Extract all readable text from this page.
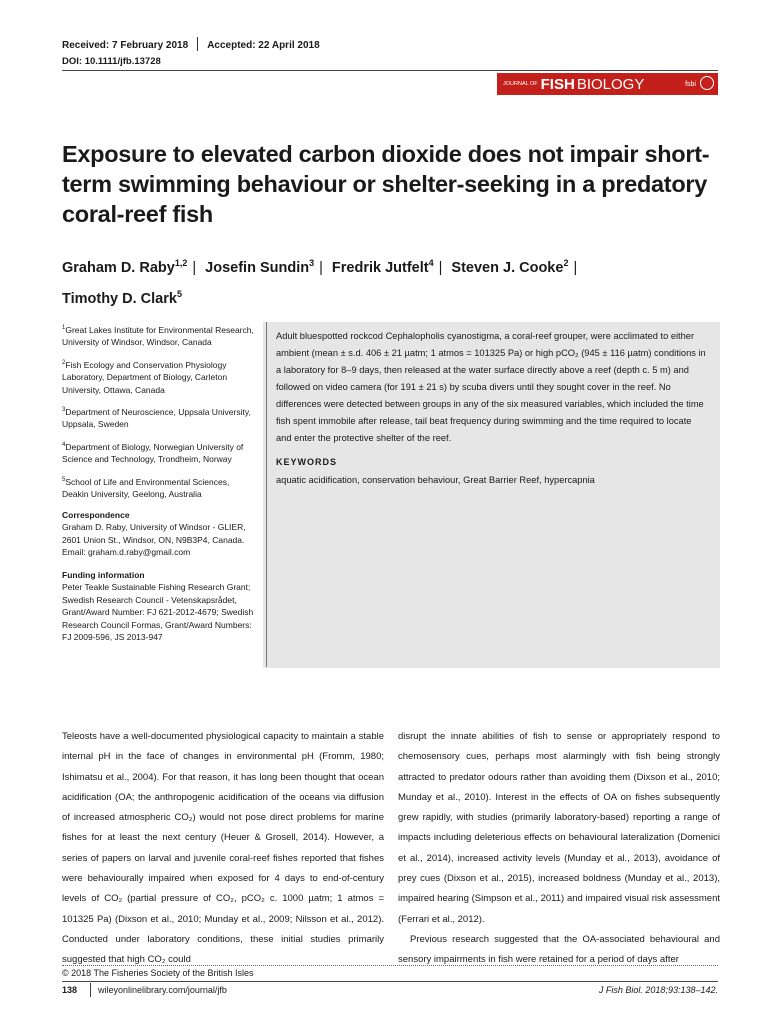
Received: 7 February 2018 Accepted: 22 April 2018
DOI: 10.1111/jfb.13728
JOURNAL OF FISH BIOLOGY	fsbi
Exposure to elevated carbon dioxide does not impair short-term swimming behaviour or shelter-seeking in a predatory coral-reef fish
Graham D. Raby$^{1,2}$ | Josefin Sundin$^3$ | Fredrik Jutfelt$^4$ | Steven J. Cooke$^2$ |
Timothy D. Clark$^5$

$^1$Great Lakes Institute for Environmental Research, University of Windsor, Windsor, Canada

$^2$Fish Ecology and Conservation Physiology Laboratory, Department of Biology, Carleton University, Ottawa, Canada

$^3$Department of Neuroscience, Uppsala University, Uppsala, Sweden

$^4$Department of Biology, Norwegian University of Science and Technology, Trondheim, Norway

$^5$School of Life and Environmental Sciences, Deakin University, Geelong, Australia

Correspondence
Graham D. Raby, University of Windsor - GLIER, 2601 Union St., Windsor, ON, N9B3P4, Canada.
Email: graham.d.raby@gmail.com

Funding information
Peter Teakle Sustainable Fishing Research Grant; Swedish Research Council - Vetenskapsrådet, Grant/Award Number: FJ 621-2012-4679; Swedish Research Council Formas, Grant/Award Numbers: FJ 2009-596, JS 2013-947

Adult bluespotted rockcod Cephalopholis cyanostigma, a coral-reef grouper, were acclimated to either ambient (mean ± s.d. 406 ± 21 µatm; 1 atmos = 101325 Pa) or high pCO₂ (945 ± 116 µatm) conditions in a laboratory for 8–9 days, then released at the water surface directly above a reef (depth c. 5 m) and followed on video camera (for 191 ± 21 s) by scuba divers until they sought cover in the reef. No differences were detected between groups in any of the six measured variables, which included the time fish spent immobile after release, tail beat frequency during swimming and the time required to locate and enter the protective shelter of the reef.
KEYWORDS
aquatic acidification, conservation behaviour, Great Barrier Reef, hypercapnia

Teleosts have a well-documented physiological capacity to maintain a stable internal pH in the face of changes in environmental pH (Fromm, 1980; Ishimatsu et al., 2004). For that reason, it has long been thought that ocean acidification (OA; the anthropogenic acidification of the oceans via diffusion of increased atmospheric CO₂) would not pose direct problems for marine fishes for at least the next century (Heuer & Grosell, 2014). However, a series of papers on larval and juvenile coral-reef fishes reported that fishes were behaviourally impaired when exposed for 4 days to end-of-century levels of CO₂ (partial pressure of CO₂, pCO₂ c. 1000 µatm; 1 atmos = 101325 Pa) (Dixson et al., 2010; Munday et al., 2009; Nilsson et al., 2012). Conducted under laboratory conditions, these initial studies primarily suggested that high CO₂ could

disrupt the innate abilities of fish to sense or appropriately respond to chemosensory cues, perhaps most alarmingly with fish being strongly attracted to predator odours rather than avoiding them (Dixson et al., 2010; Munday et al., 2010). Interest in the effects of OA on fishes subsequently grew rapidly, with studies (primarily laboratory-based) reporting a range of impacts including deleterious effects on behavioural lateralization (Domenici et al., 2014), increased activity levels (Munday et al., 2013), avoidance of prey cues (Dixson et al., 2015), increased boldness (Munday et al., 2013), impaired hearing (Simpson et al., 2011) and impaired visual risk assessment (Ferrari et al., 2012).

Previous research suggested that the OA-associated behavioural and sensory impairments in fish were retained for a period of days after

© 2018 The Fisheries Society of the British Isles
138 wileyonlinelibrary.com/journal/jfb	J Fish Biol. 2018;93:138–142.
